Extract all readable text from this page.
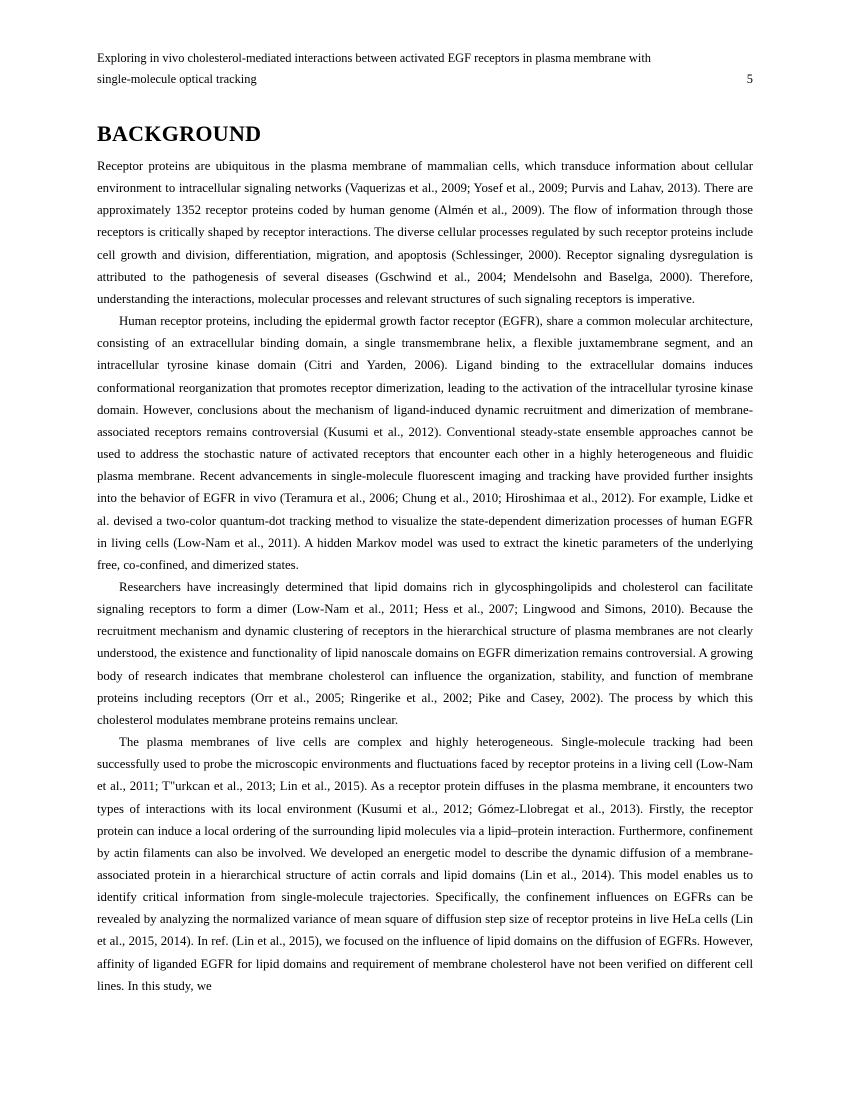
Exploring in vivo cholesterol-mediated interactions between activated EGF receptors in plasma membrane with
single-molecule optical tracking	5
BACKGROUND

Receptor proteins are ubiquitous in the plasma membrane of mammalian cells, which transduce information about cellular environment to intracellular signaling networks (Vaquerizas et al., 2009; Yosef et al., 2009; Purvis and Lahav, 2013). There are approximately 1352 receptor proteins coded by human genome (Almén et al., 2009). The flow of information through those receptors is critically shaped by receptor interactions. The diverse cellular processes regulated by such receptor proteins include cell growth and division, differentiation, migration, and apoptosis (Schlessinger, 2000). Receptor signaling dysregulation is attributed to the pathogenesis of several diseases (Gschwind et al., 2004; Mendelsohn and Baselga, 2000). Therefore, understanding the interactions, molecular processes and relevant structures of such signaling receptors is imperative.

Human receptor proteins, including the epidermal growth factor receptor (EGFR), share a common molecular architecture, consisting of an extracellular binding domain, a single transmembrane helix, a flexible juxtamembrane segment, and an intracellular tyrosine kinase domain (Citri and Yarden, 2006). Ligand binding to the extracellular domains induces conformational reorganization that promotes receptor dimerization, leading to the activation of the intracellular tyrosine kinase domain. However, conclusions about the mechanism of ligand-induced dynamic recruitment and dimerization of membrane-associated receptors remains controversial (Kusumi et al., 2012). Conventional steady-state ensemble approaches cannot be used to address the stochastic nature of activated receptors that encounter each other in a highly heterogeneous and fluidic plasma membrane. Recent advancements in single-molecule fluorescent imaging and tracking have provided further insights into the behavior of EGFR in vivo (Teramura et al., 2006; Chung et al., 2010; Hiroshimaa et al., 2012). For example, Lidke et al. devised a two-color quantum-dot tracking method to visualize the state-dependent dimerization processes of human EGFR in living cells (Low-Nam et al., 2011). A hidden Markov model was used to extract the kinetic parameters of the underlying free, co-confined, and dimerized states.

Researchers have increasingly determined that lipid domains rich in glycosphingolipids and cholesterol can facilitate signaling receptors to form a dimer (Low-Nam et al., 2011; Hess et al., 2007; Lingwood and Simons, 2010). Because the recruitment mechanism and dynamic clustering of receptors in the hierarchical structure of plasma membranes are not clearly understood, the existence and functionality of lipid nanoscale domains on EGFR dimerization remains controversial. A growing body of research indicates that membrane cholesterol can influence the organization, stability, and function of membrane proteins including receptors (Orr et al., 2005; Ringerike et al., 2002; Pike and Casey, 2002). The process by which this cholesterol modulates membrane proteins remains unclear.

The plasma membranes of live cells are complex and highly heterogeneous. Single-molecule tracking had been successfully used to probe the microscopic environments and fluctuations faced by receptor proteins in a living cell (Low-Nam et al., 2011; T"urkcan et al., 2013; Lin et al., 2015). As a receptor protein diffuses in the plasma membrane, it encounters two types of interactions with its local environment (Kusumi et al., 2012; Gómez-Llobregat et al., 2013). Firstly, the receptor protein can induce a local ordering of the surrounding lipid molecules via a lipid–protein interaction. Furthermore, confinement by actin filaments can also be involved. We developed an energetic model to describe the dynamic diffusion of a membrane-associated protein in a hierarchical structure of actin corrals and lipid domains (Lin et al., 2014). This model enables us to identify critical information from single-molecule trajectories. Specifically, the confinement influences on EGFRs can be revealed by analyzing the normalized variance of mean square of diffusion step size of receptor proteins in live HeLa cells (Lin et al., 2015, 2014). In ref. (Lin et al., 2015), we focused on the influence of lipid domains on the diffusion of EGFRs. However, affinity of liganded EGFR for lipid domains and requirement of membrane cholesterol have not been verified on different cell lines. In this study, we
